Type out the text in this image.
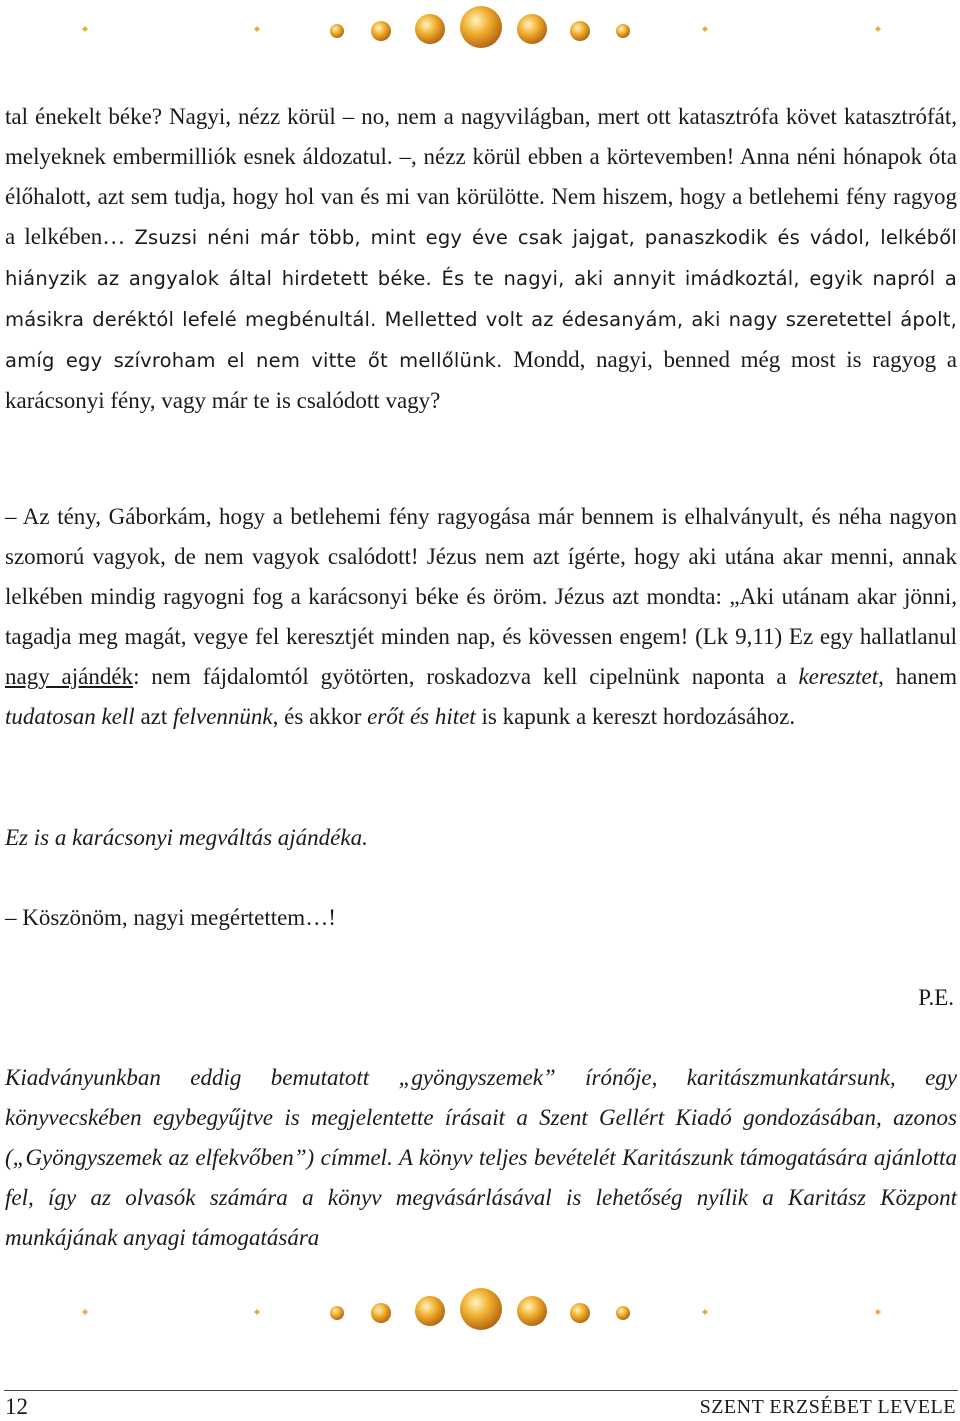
tal énekelt béke? Nagyi, nézz körül – no, nem a nagyvilágban, mert ott katasztrófa követ katasztrófát, melyeknek embermilliók esnek áldozatul. –, nézz körül ebben a körtevemben! Anna néni hónapok óta élőhalott, azt sem tudja, hogy hol van és mi van körülötte. Nem hiszem, hogy a betlehemi fény ragyog a lelkében… Zsuzsi néni már több, mint egy éve csak jajgat, panaszkodik és vádol, lelkéből hiányzik az angyalok által hirdetett béke. És te nagyi, aki annyit imádkoztál, egyik napról a másikra deréktól lefelé megbénultál. Melletted volt az édesanyám, aki nagy szeretettel ápolt, amíg egy szívroham el nem vitte őt mellőlünk. Mondd, nagyi, benned még most is ragyog a karácsonyi fény, vagy már te is csalódott vagy?
– Az tény, Gáborkám, hogy a betlehemi fény ragyogása már bennem is elhalványult, és néha nagyon szomorú vagyok, de nem vagyok csalódott! Jézus nem azt ígérte, hogy aki utána akar menni, annak lelkében mindig ragyogni fog a karácsonyi béke és öröm. Jézus azt mondta: „Aki utánam akar jönni, tagadja meg magát, vegye fel keresztjét minden nap, és kövessen engem! (Lk 9,11) Ez egy hallatlanul nagy ajándék: nem fájdalomtól gyötörten, roskadozva kell cipelnünk naponta a keresztet, hanem tudatosan kell azt felvennünk, és akkor erőt és hitet is kapunk a kereszt hordozásához.
Ez is a karácsonyi megváltás ajándéka.
– Köszönöm, nagyi megértettem…!
P.E.
Kiadványunkban eddig bemutatott „gyöngyszemek” írónője, karitászmunkatársunk, egy könyvecskében egybegyűjtve is megjelentette írásait a Szent Gellért Kiadó gondozásában, azonos („Gyöngyszemek az elfekvőben”) címmel. A könyv teljes bevételét Karitászunk támogatására ajánlotta fel, így az olvasók számára a könyv megvásárlásával is lehetőség nyílik a Karitász Központ munkájának anyagi támogatására
12	SZENT ERZSÉBET LEVELE
